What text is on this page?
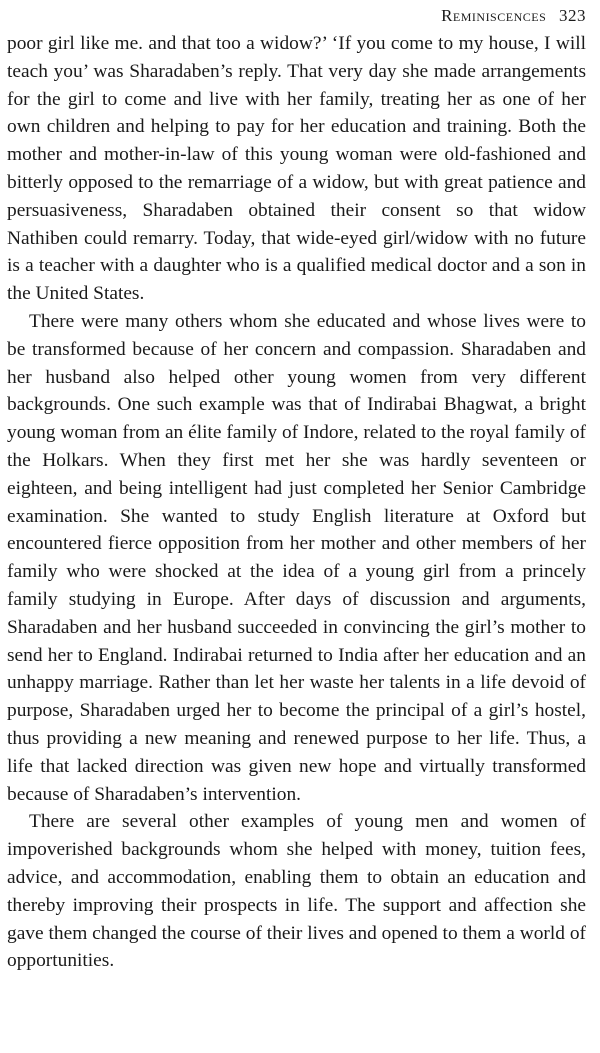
Reminiscences 323

poor girl like me. and that too a widow?’ ‘If you come to my house, I will teach you’ was Sharadaben’s reply. That very day she made arrangements for the girl to come and live with her family, treating her as one of her own children and helping to pay for her education and training. Both the mother and mother-in-law of this young woman were old-fashioned and bitterly opposed to the remarriage of a widow, but with great patience and persuasiveness, Sharadaben obtained their consent so that widow Nathiben could remarry. Today, that wide-eyed girl/widow with no future is a teacher with a daughter who is a qualified medical doctor and a son in the United States.

There were many others whom she educated and whose lives were to be transformed because of her concern and compassion. Sharadaben and her husband also helped other young women from very different backgrounds. One such example was that of Indirabai Bhagwat, a bright young woman from an élite family of Indore, related to the royal family of the Holkars. When they first met her she was hardly seventeen or eighteen, and being intelligent had just completed her Senior Cambridge examination. She wanted to study English literature at Oxford but encountered fierce opposition from her mother and other members of her family who were shocked at the idea of a young girl from a princely family studying in Europe. After days of discussion and arguments, Sharadaben and her husband succeeded in convincing the girl’s mother to send her to England. Indirabai returned to India after her education and an unhappy marriage. Rather than let her waste her talents in a life devoid of purpose, Sharadaben urged her to become the principal of a girl’s hostel, thus providing a new meaning and renewed purpose to her life. Thus, a life that lacked direction was given new hope and virtually transformed because of Sharadaben’s intervention.

There are several other examples of young men and women of impoverished backgrounds whom she helped with money, tuition fees, advice, and accommodation, enabling them to obtain an education and thereby improving their prospects in life. The support and affection she gave them changed the course of their lives and opened to them a world of opportunities.
